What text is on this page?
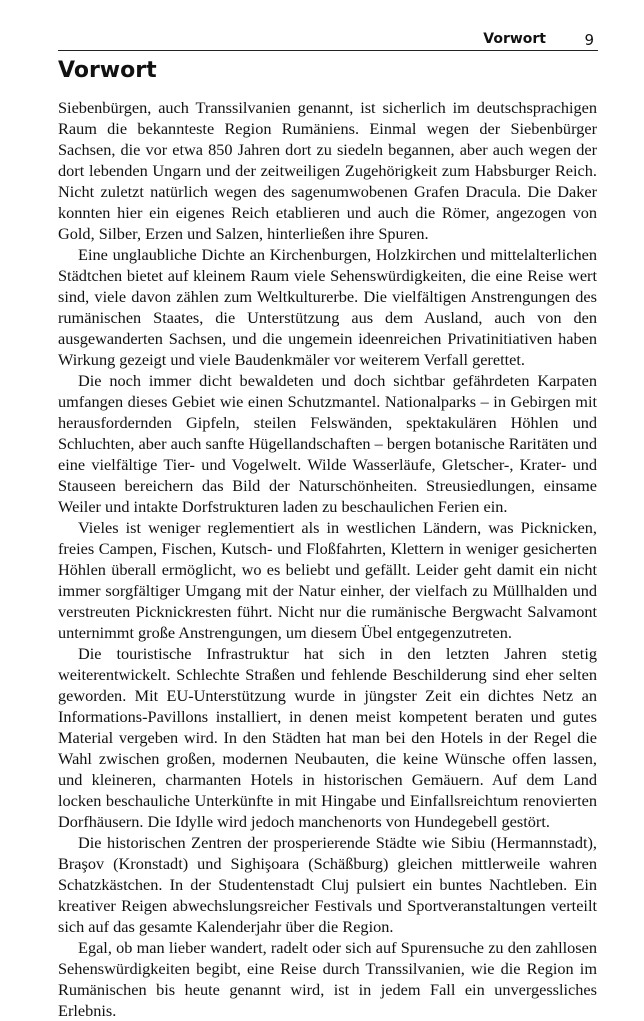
Vorwort	9
Vorwort

Siebenbürgen, auch Transsilvanien genannt, ist sicherlich im deutschsprachigen Raum die bekannteste Region Rumäniens. Einmal wegen der Siebenbürger Sachsen, die vor etwa 850 Jahren dort zu siedeln begannen, aber auch wegen der dort lebenden Ungarn und der zeitweiligen Zugehörigkeit zum Habsburger Reich. Nicht zuletzt natürlich wegen des sagenumwobenen Grafen Dracula. Die Daker konnten hier ein eigenes Reich etablieren und auch die Römer, angezogen von Gold, Silber, Erzen und Salzen, hinterließen ihre Spuren.

Eine unglaubliche Dichte an Kirchenburgen, Holzkirchen und mittelalterlichen Städtchen bietet auf kleinem Raum viele Sehenswürdigkeiten, die eine Reise wert sind, viele davon zählen zum Weltkulturerbe. Die vielfältigen Anstrengungen des rumänischen Staates, die Unterstützung aus dem Ausland, auch von den ausgewanderten Sachsen, und die ungemein ideenreichen Privatinitiativen haben Wirkung gezeigt und viele Baudenkmäler vor weiterem Verfall gerettet.

Die noch immer dicht bewaldeten und doch sichtbar gefährdeten Karpaten umfangen dieses Gebiet wie einen Schutzmantel. Nationalparks – in Gebirgen mit herausfordernden Gipfeln, steilen Felswänden, spektakulären Höhlen und Schluchten, aber auch sanfte Hügellandschaften – bergen botanische Raritäten und eine vielfältige Tier- und Vogelwelt. Wilde Wasserläufe, Gletscher-, Krater- und Stauseen bereichern das Bild der Naturschönheiten. Streusiedlungen, einsame Weiler und intakte Dorfstrukturen laden zu beschaulichen Ferien ein.

Vieles ist weniger reglementiert als in westlichen Ländern, was Picknicken, freies Campen, Fischen, Kutsch- und Floßfahrten, Klettern in weniger gesicherten Höhlen überall ermöglicht, wo es beliebt und gefällt. Leider geht damit ein nicht immer sorgfältiger Umgang mit der Natur einher, der vielfach zu Müllhalden und verstreuten Picknickresten führt. Nicht nur die rumänische Bergwacht Salvamont unternimmt große Anstrengungen, um diesem Übel entgegenzutreten.

Die touristische Infrastruktur hat sich in den letzten Jahren stetig weiterentwickelt. Schlechte Straßen und fehlende Beschilderung sind eher selten geworden. Mit EU-Unterstützung wurde in jüngster Zeit ein dichtes Netz an Informations-Pavillons installiert, in denen meist kompetent beraten und gutes Material vergeben wird. In den Städten hat man bei den Hotels in der Regel die Wahl zwischen großen, modernen Neubauten, die keine Wünsche offen lassen, und kleineren, charmanten Hotels in historischen Gemäuern. Auf dem Land locken beschauliche Unterkünfte in mit Hingabe und Einfallsreichtum renovierten Dorfhäusern. Die Idylle wird jedoch manchenorts von Hundegebell gestört.

Die historischen Zentren der prosperierende Städte wie Sibiu (Hermannstadt), Braşov (Kronstadt) und Sighişoara (Schäßburg) gleichen mittlerweile wahren Schatzkästchen. In der Studentenstadt Cluj pulsiert ein buntes Nachtleben. Ein kreativer Reigen abwechslungsreicher Festivals und Sportveranstaltungen verteilt sich auf das gesamte Kalenderjahr über die Region.

Egal, ob man lieber wandert, radelt oder sich auf Spurensuche zu den zahllosen Sehenswürdigkeiten begibt, eine Reise durch Transsilvanien, wie die Region im Rumänischen bis heute genannt wird, ist in jedem Fall ein unvergessliches Erlebnis.
